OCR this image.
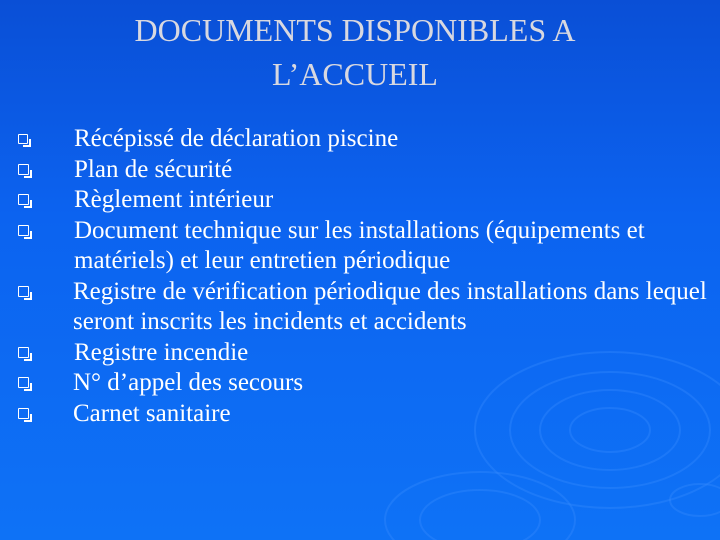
DOCUMENTS DISPONIBLES A
L’ACCUEIL
Récépissé de déclaration piscine
Plan de sécurité
Règlement intérieur
Document technique sur les installations (équipements et matériels) et leur entretien périodique
Registre de vérification périodique des installations dans lequel seront inscrits les incidents et accidents
Registre incendie
N° d’appel des secours
Carnet sanitaire
